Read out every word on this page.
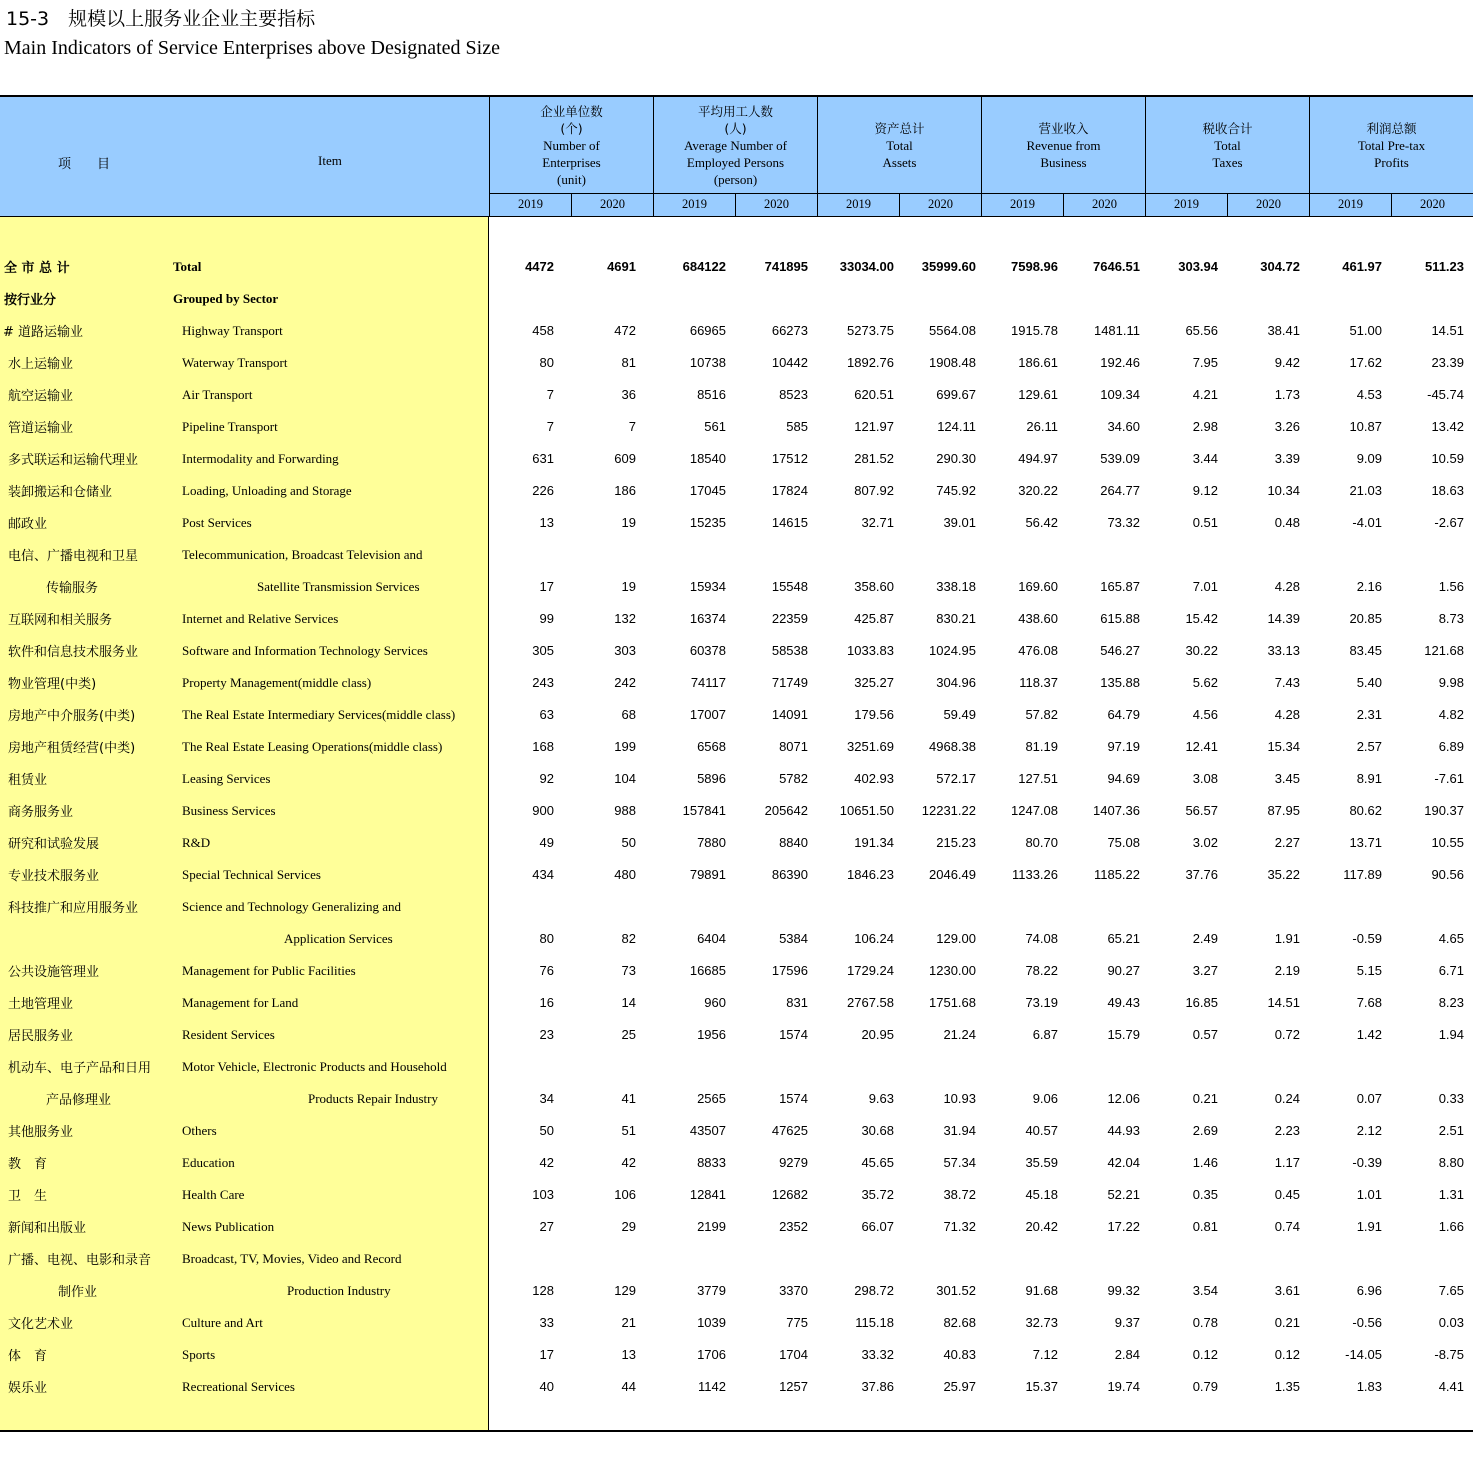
15-3　规模以上服务业企业主要指标
Main Indicators of Service Enterprises above Designated Size
项　　目	Item
企业单位数
(个)
Number of
Enterprises
(unit)
2019	2020
平均用工人数
(人)
Average Number of
Employed Persons
(person)
2019	2020
资产总计
Total
Assets
2019	2020
营业收入
Revenue from
Business
2019	2020
税收合计
Total
Taxes
2019	2020
利润总额
Total Pre-tax
Profits
2019	2020
全 市 总 计	Total	4472	4691	684122	741895	33034.00	35999.60	7598.96	7646.51	303.94	304.72	461.97	511.23
按行业分	Grouped by Sector
# 道路运输业	Highway Transport	458	472	66965	66273	5273.75	5564.08	1915.78	1481.11	65.56	38.41	51.00	14.51
水上运输业	Waterway Transport	80	81	10738	10442	1892.76	1908.48	186.61	192.46	7.95	9.42	17.62	23.39
航空运输业	Air Transport	7	36	8516	8523	620.51	699.67	129.61	109.34	4.21	1.73	4.53	-45.74
管道运输业	Pipeline Transport	7	7	561	585	121.97	124.11	26.11	34.60	2.98	3.26	10.87	13.42
多式联运和运输代理业	Intermodality and Forwarding	631	609	18540	17512	281.52	290.30	494.97	539.09	3.44	3.39	9.09	10.59
装卸搬运和仓储业	Loading, Unloading and Storage	226	186	17045	17824	807.92	745.92	320.22	264.77	9.12	10.34	21.03	18.63
邮政业	Post Services	13	19	15235	14615	32.71	39.01	56.42	73.32	0.51	0.48	-4.01	-2.67
电信、广播电视和卫星	Telecommunication, Broadcast Television and
传输服务	Satellite Transmission Services	17	19	15934	15548	358.60	338.18	169.60	165.87	7.01	4.28	2.16	1.56
互联网和相关服务	Internet and Relative Services	99	132	16374	22359	425.87	830.21	438.60	615.88	15.42	14.39	20.85	8.73
软件和信息技术服务业	Software and Information Technology Services	305	303	60378	58538	1033.83	1024.95	476.08	546.27	30.22	33.13	83.45	121.68
物业管理(中类)	Property Management(middle class)	243	242	74117	71749	325.27	304.96	118.37	135.88	5.62	7.43	5.40	9.98
房地产中介服务(中类)	The Real Estate Intermediary Services(middle class)	63	68	17007	14091	179.56	59.49	57.82	64.79	4.56	4.28	2.31	4.82
房地产租赁经营(中类)	The Real Estate Leasing Operations(middle class)	168	199	6568	8071	3251.69	4968.38	81.19	97.19	12.41	15.34	2.57	6.89
租赁业	Leasing Services	92	104	5896	5782	402.93	572.17	127.51	94.69	3.08	3.45	8.91	-7.61
商务服务业	Business Services	900	988	157841	205642	10651.50	12231.22	1247.08	1407.36	56.57	87.95	80.62	190.37
研究和试验发展	R&D	49	50	7880	8840	191.34	215.23	80.70	75.08	3.02	2.27	13.71	10.55
专业技术服务业	Special Technical Services	434	480	79891	86390	1846.23	2046.49	1133.26	1185.22	37.76	35.22	117.89	90.56
科技推广和应用服务业	Science and Technology Generalizing and
Application Services	80	82	6404	5384	106.24	129.00	74.08	65.21	2.49	1.91	-0.59	4.65
公共设施管理业	Management for Public Facilities	76	73	16685	17596	1729.24	1230.00	78.22	90.27	3.27	2.19	5.15	6.71
土地管理业	Management for Land	16	14	960	831	2767.58	1751.68	73.19	49.43	16.85	14.51	7.68	8.23
居民服务业	Resident Services	23	25	1956	1574	20.95	21.24	6.87	15.79	0.57	0.72	1.42	1.94
机动车、电子产品和日用 Motor Vehicle, Electronic Products and Household
产品修理业	Products Repair Industry	34	41	2565	1574	9.63	10.93	9.06	12.06	0.21	0.24	0.07	0.33
其他服务业	Others	50	51	43507	47625	30.68	31.94	40.57	44.93	2.69	2.23	2.12	2.51
教　育	Education	42	42	8833	9279	45.65	57.34	35.59	42.04	1.46	1.17	-0.39	8.80
卫　生	Health Care	103	106	12841	12682	35.72	38.72	45.18	52.21	0.35	0.45	1.01	1.31
新闻和出版业	News Publication	27	29	2199	2352	66.07	71.32	20.42	17.22	0.81	0.74	1.91	1.66
广播、电视、电影和录音 Broadcast, TV, Movies, Video and Record
制作业	Production Industry	128	129	3779	3370	298.72	301.52	91.68	99.32	3.54	3.61	6.96	7.65
文化艺术业	Culture and Art	33	21	1039	775	115.18	82.68	32.73	9.37	0.78	0.21	-0.56	0.03
体　育	Sports	17	13	1706	1704	33.32	40.83	7.12	2.84	0.12	0.12	-14.05	-8.75
娱乐业	Recreational Services	40	44	1142	1257	37.86	25.97	15.37	19.74	0.79	1.35	1.83	4.41
